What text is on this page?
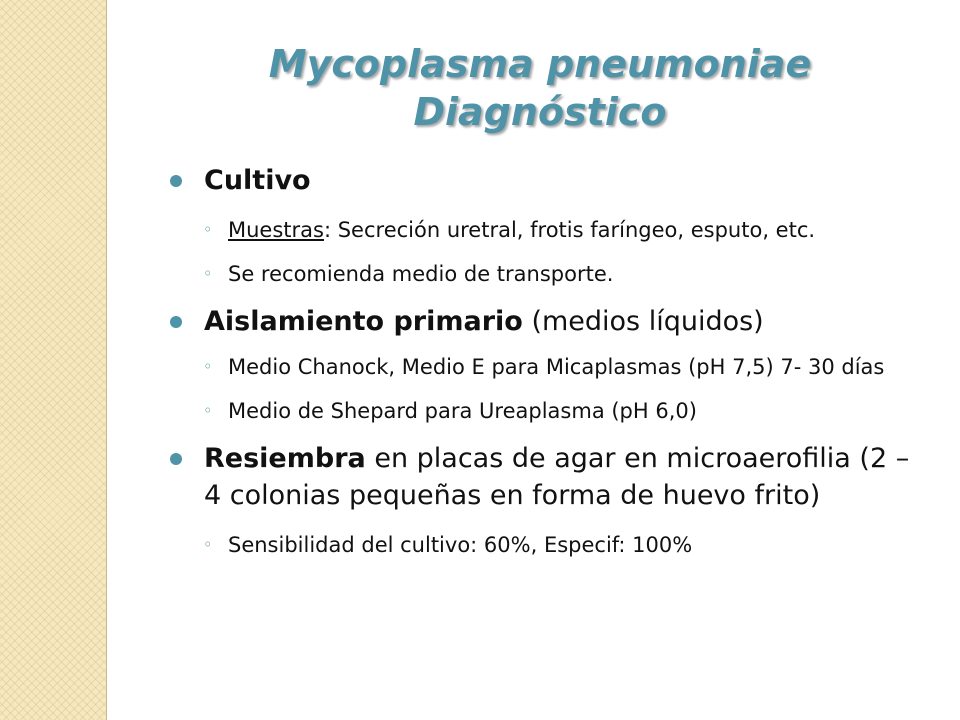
Mycoplasma pneumoniae
Diagnóstico
Cultivo
◦ Muestras: Secreción uretral, frotis faríngeo, esputo, etc.
◦ Se recomienda medio de transporte.
Aislamiento primario (medios líquidos)
◦ Medio Chanock, Medio E para Micaplasmas (pH 7,5) 7- 30 días
◦ Medio de Shepard para Ureaplasma (pH 6,0)
Resiembra en placas de agar en microaerofilia (2 – 4 colonias pequeñas en forma de huevo frito)
◦ Sensibilidad del cultivo: 60%, Especif: 100%
